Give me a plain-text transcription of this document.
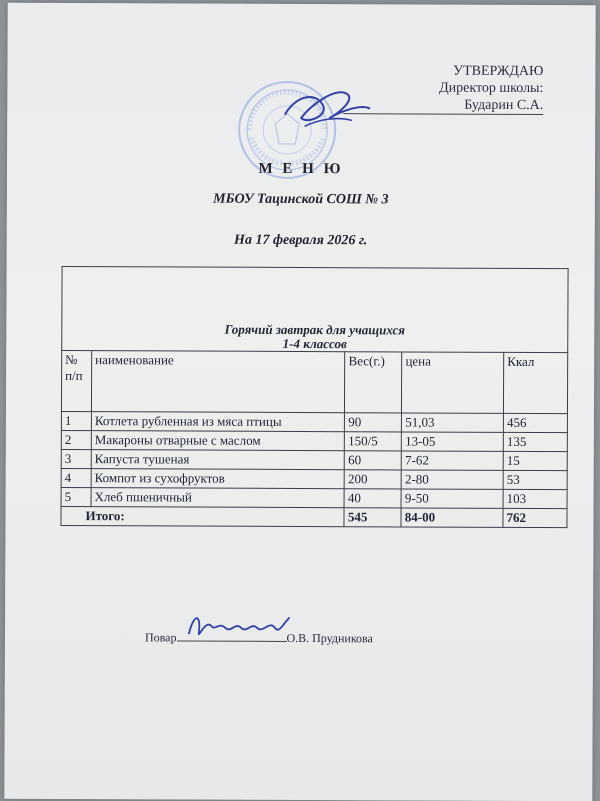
УТВЕРЖДАЮ
Директор школы:
Бударин С.А.
М Е Н Ю
МБОУ Тацинской СОШ № 3
На 17 февраля 2026 г.
Горячий завтрак для учащихся
1-4 классов				

№ п/п	наименование	Вес(г.)	цена	Ккал
1	Котлета рубленная из мяса птицы	90	51,03	456
2	Макароны отварные с маслом	150/5	13-05	135
3	Капуста тушеная	60	7-62	15
4	Компот из сухофруктов	200	2-80	53
5	Хлеб пшеничный	40	9-50	103
Итого:		545	84-00	762
Повар	О.В. Прудникова
